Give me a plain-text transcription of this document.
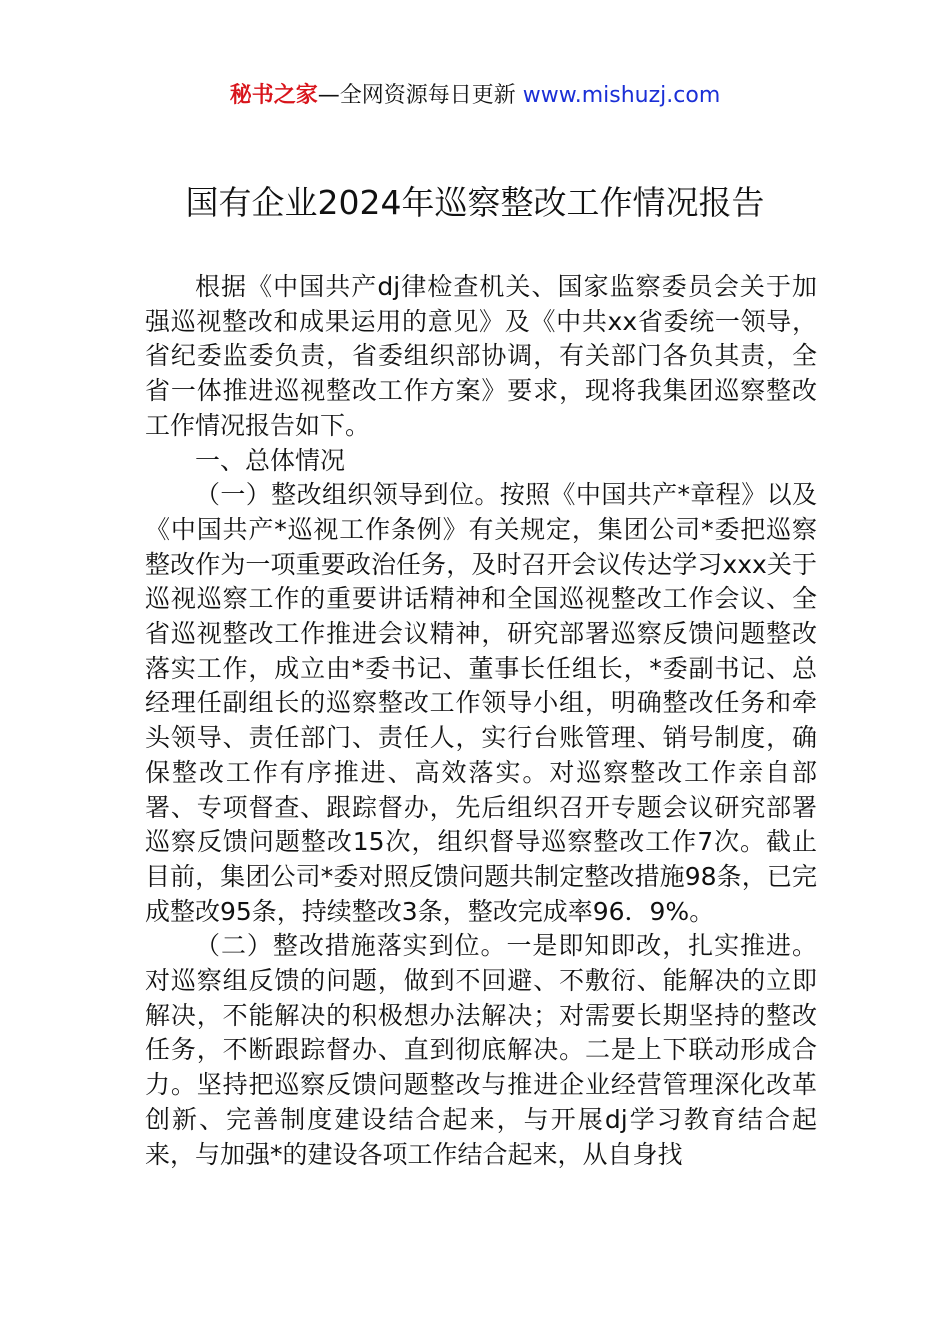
秘书之家—全网资源每日更新 www.mishuzj.com
国有企业2024年巡察整改工作情况报告

根据《中国共产dj律检查机关、国家监察委员会关于加强巡视整改和成果运用的意见》及《中共xx省委统一领导，省纪委监委负责，省委组织部协调，有关部门各负其责，全省一体推进巡视整改工作方案》要求，现将我集团巡察整改工作情况报告如下。

一、总体情况

（一）整改组织领导到位。按照《中国共产*章程》以及《中国共产*巡视工作条例》有关规定，集团公司*委把巡察整改作为一项重要政治任务，及时召开会议传达学习xxx关于巡视巡察工作的重要讲话精神和全国巡视整改工作会议、全省巡视整改工作推进会议精神，研究部署巡察反馈问题整改落实工作，成立由*委书记、董事长任组长，*委副书记、总经理任副组长的巡察整改工作领导小组，明确整改任务和牵头领导、责任部门、责任人，实行台账管理、销号制度，确保整改工作有序推进、高效落实。对巡察整改工作亲自部署、专项督查、跟踪督办，先后组织召开专题会议研究部署巡察反馈问题整改15次，组织督导巡察整改工作7次。截止目前，集团公司*委对照反馈问题共制定整改措施98条，已完成整改95条，持续整改3条，整改完成率96．9%。

（二）整改措施落实到位。一是即知即改，扎实推进。对巡察组反馈的问题，做到不回避、不敷衍、能解决的立即解决，不能解决的积极想办法解决；对需要长期坚持的整改任务，不断跟踪督办、直到彻底解决。二是上下联动形成合力。坚持把巡察反馈问题整改与推进企业经营管理深化改革创新、完善制度建设结合起来，与开展dj学习教育结合起来，与加强*的建设各项工作结合起来，从自身找
